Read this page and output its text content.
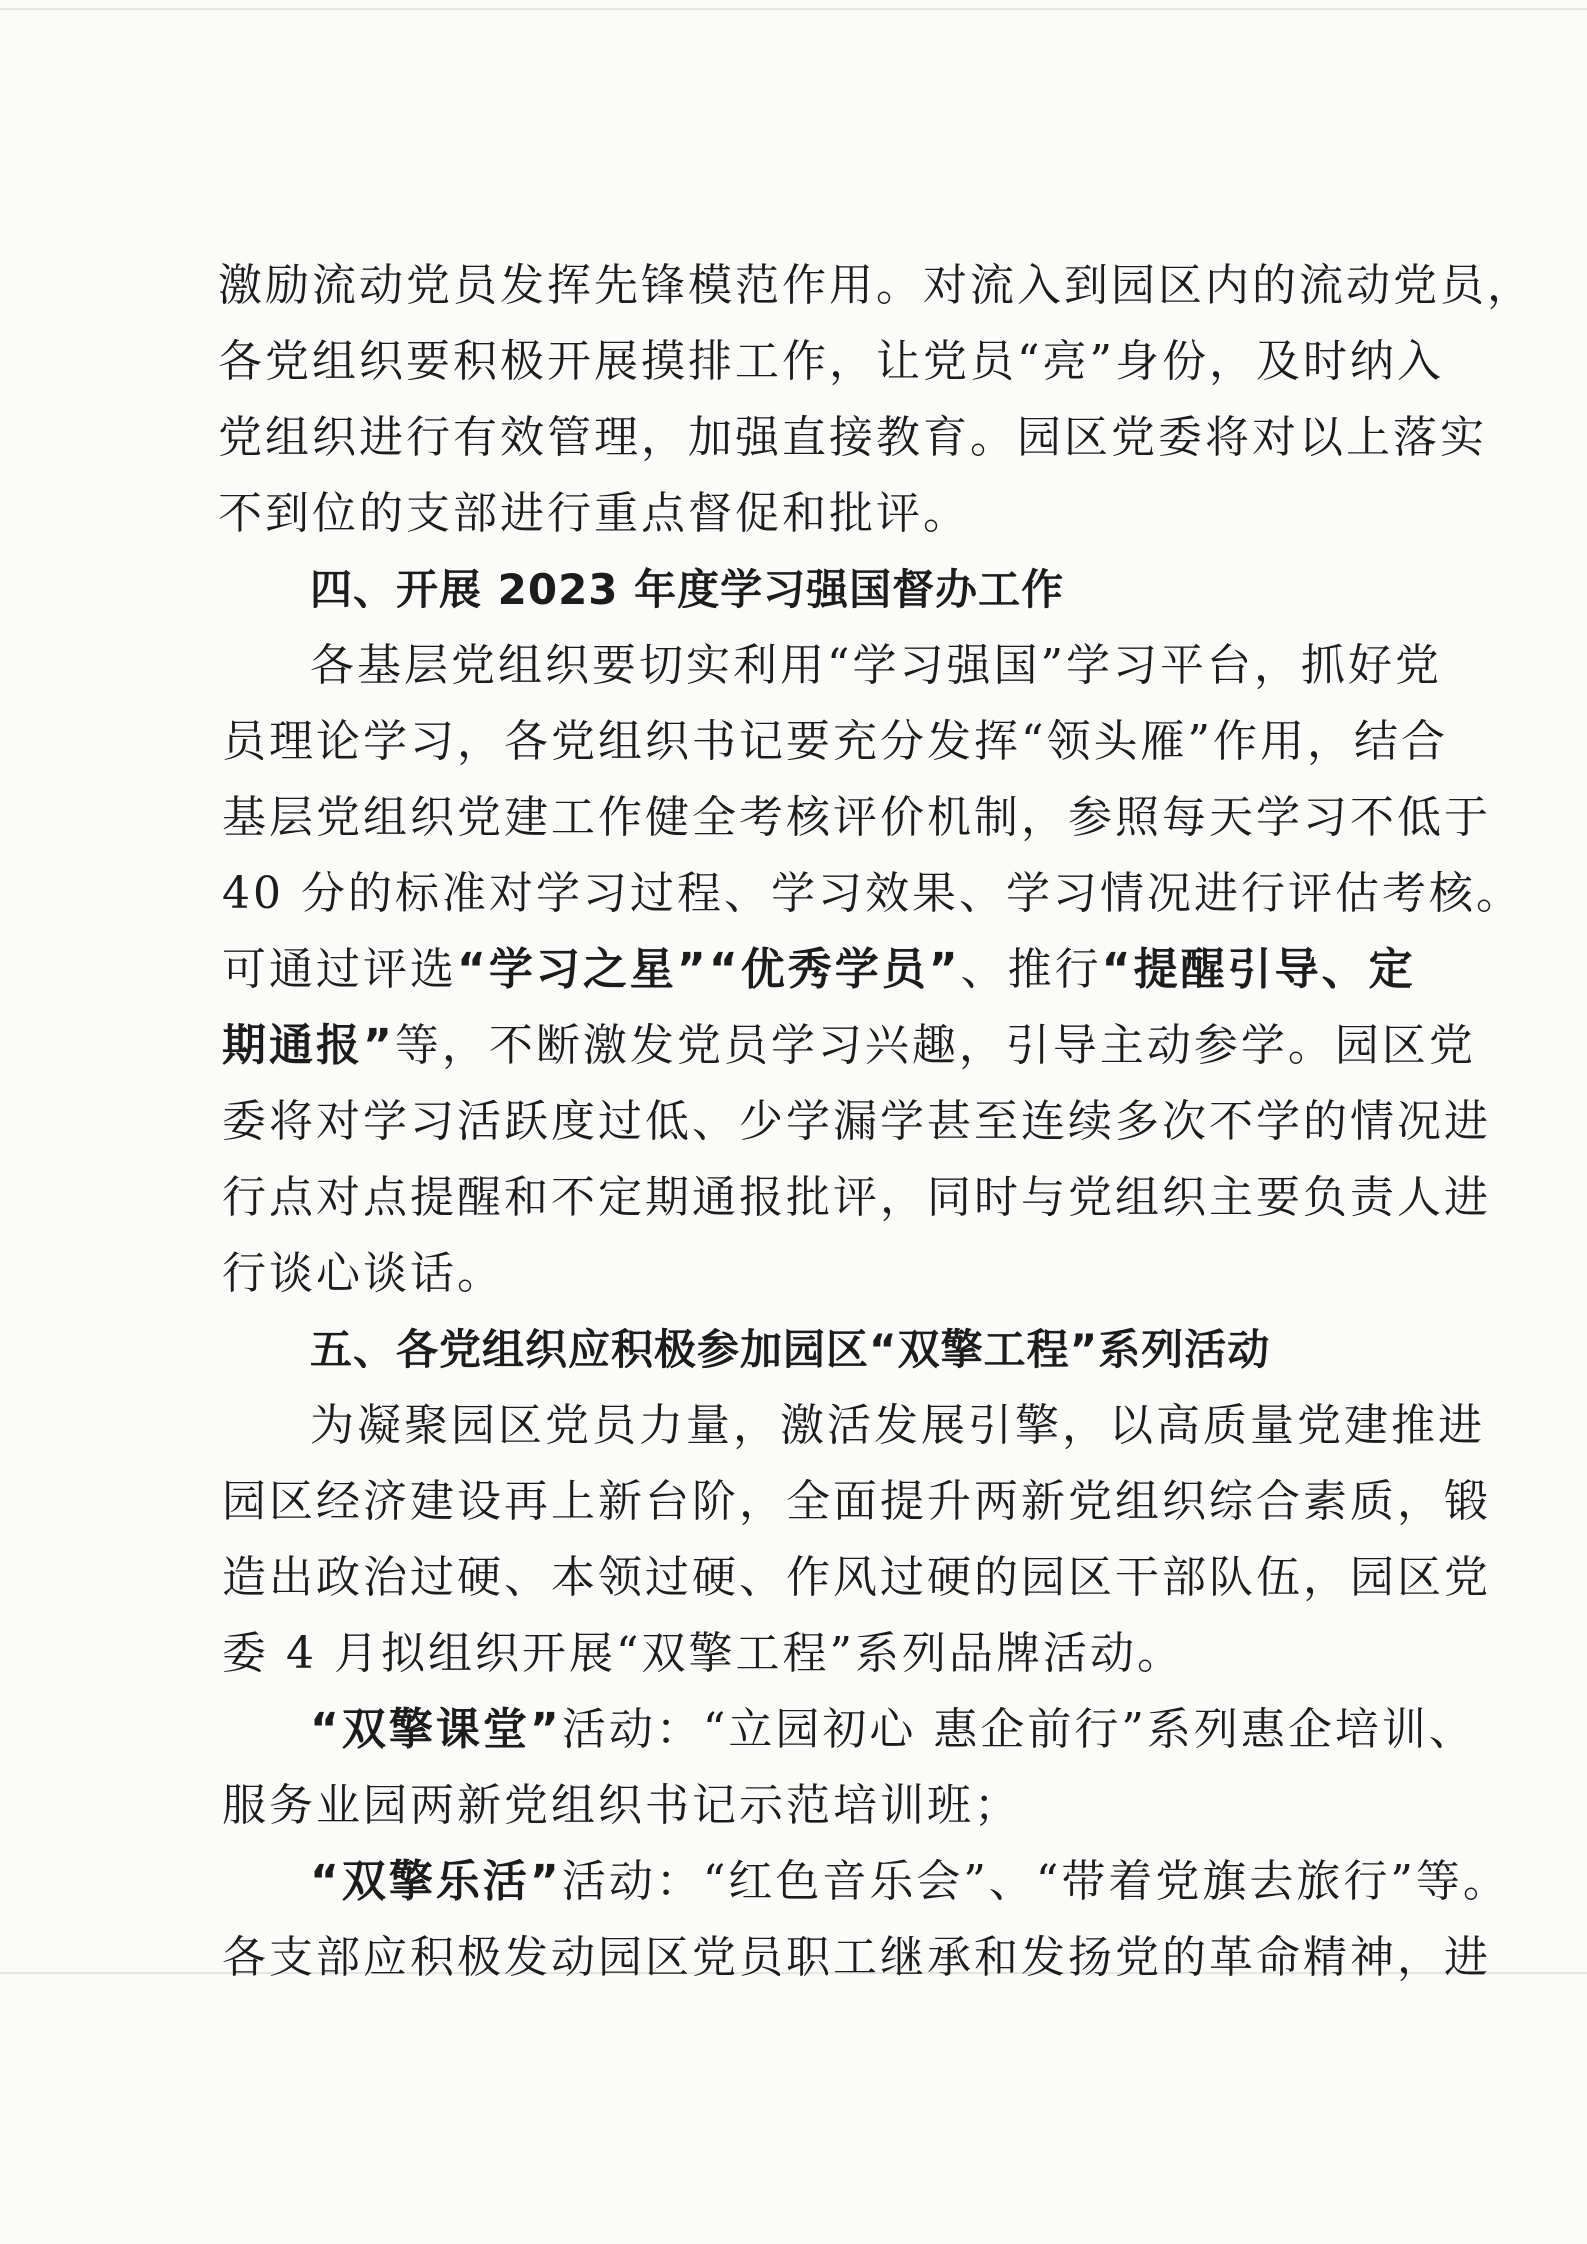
激励流动党员发挥先锋模范作用。对流入到园区内的流动党员，
各党组织要积极开展摸排工作，让党员“亮”身份，及时纳入
党组织进行有效管理，加强直接教育。园区党委将对以上落实
不到位的支部进行重点督促和批评。
四、开展 2023 年度学习强国督办工作
各基层党组织要切实利用“学习强国”学习平台，抓好党
员理论学习，各党组织书记要充分发挥“领头雁”作用，结合
基层党组织党建工作健全考核评价机制，参照每天学习不低于
40 分的标准对学习过程、学习效果、学习情况进行评估考核。
可通过评选“学习之星”“优秀学员”、推行“提醒引导、定
期通报”等，不断激发党员学习兴趣，引导主动参学。园区党
委将对学习活跃度过低、少学漏学甚至连续多次不学的情况进
行点对点提醒和不定期通报批评，同时与党组织主要负责人进
行谈心谈话。
五、各党组织应积极参加园区“双擎工程”系列活动
为凝聚园区党员力量，激活发展引擎，以高质量党建推进
园区经济建设再上新台阶，全面提升两新党组织综合素质，锻
造出政治过硬、本领过硬、作风过硬的园区干部队伍，园区党
委 4 月拟组织开展“双擎工程”系列品牌活动。
“双擎课堂”活动：“立园初心 惠企前行”系列惠企培训、
服务业园两新党组织书记示范培训班；
“双擎乐活”活动：“红色音乐会”、“带着党旗去旅行”等。
各支部应积极发动园区党员职工继承和发扬党的革命精神，进
